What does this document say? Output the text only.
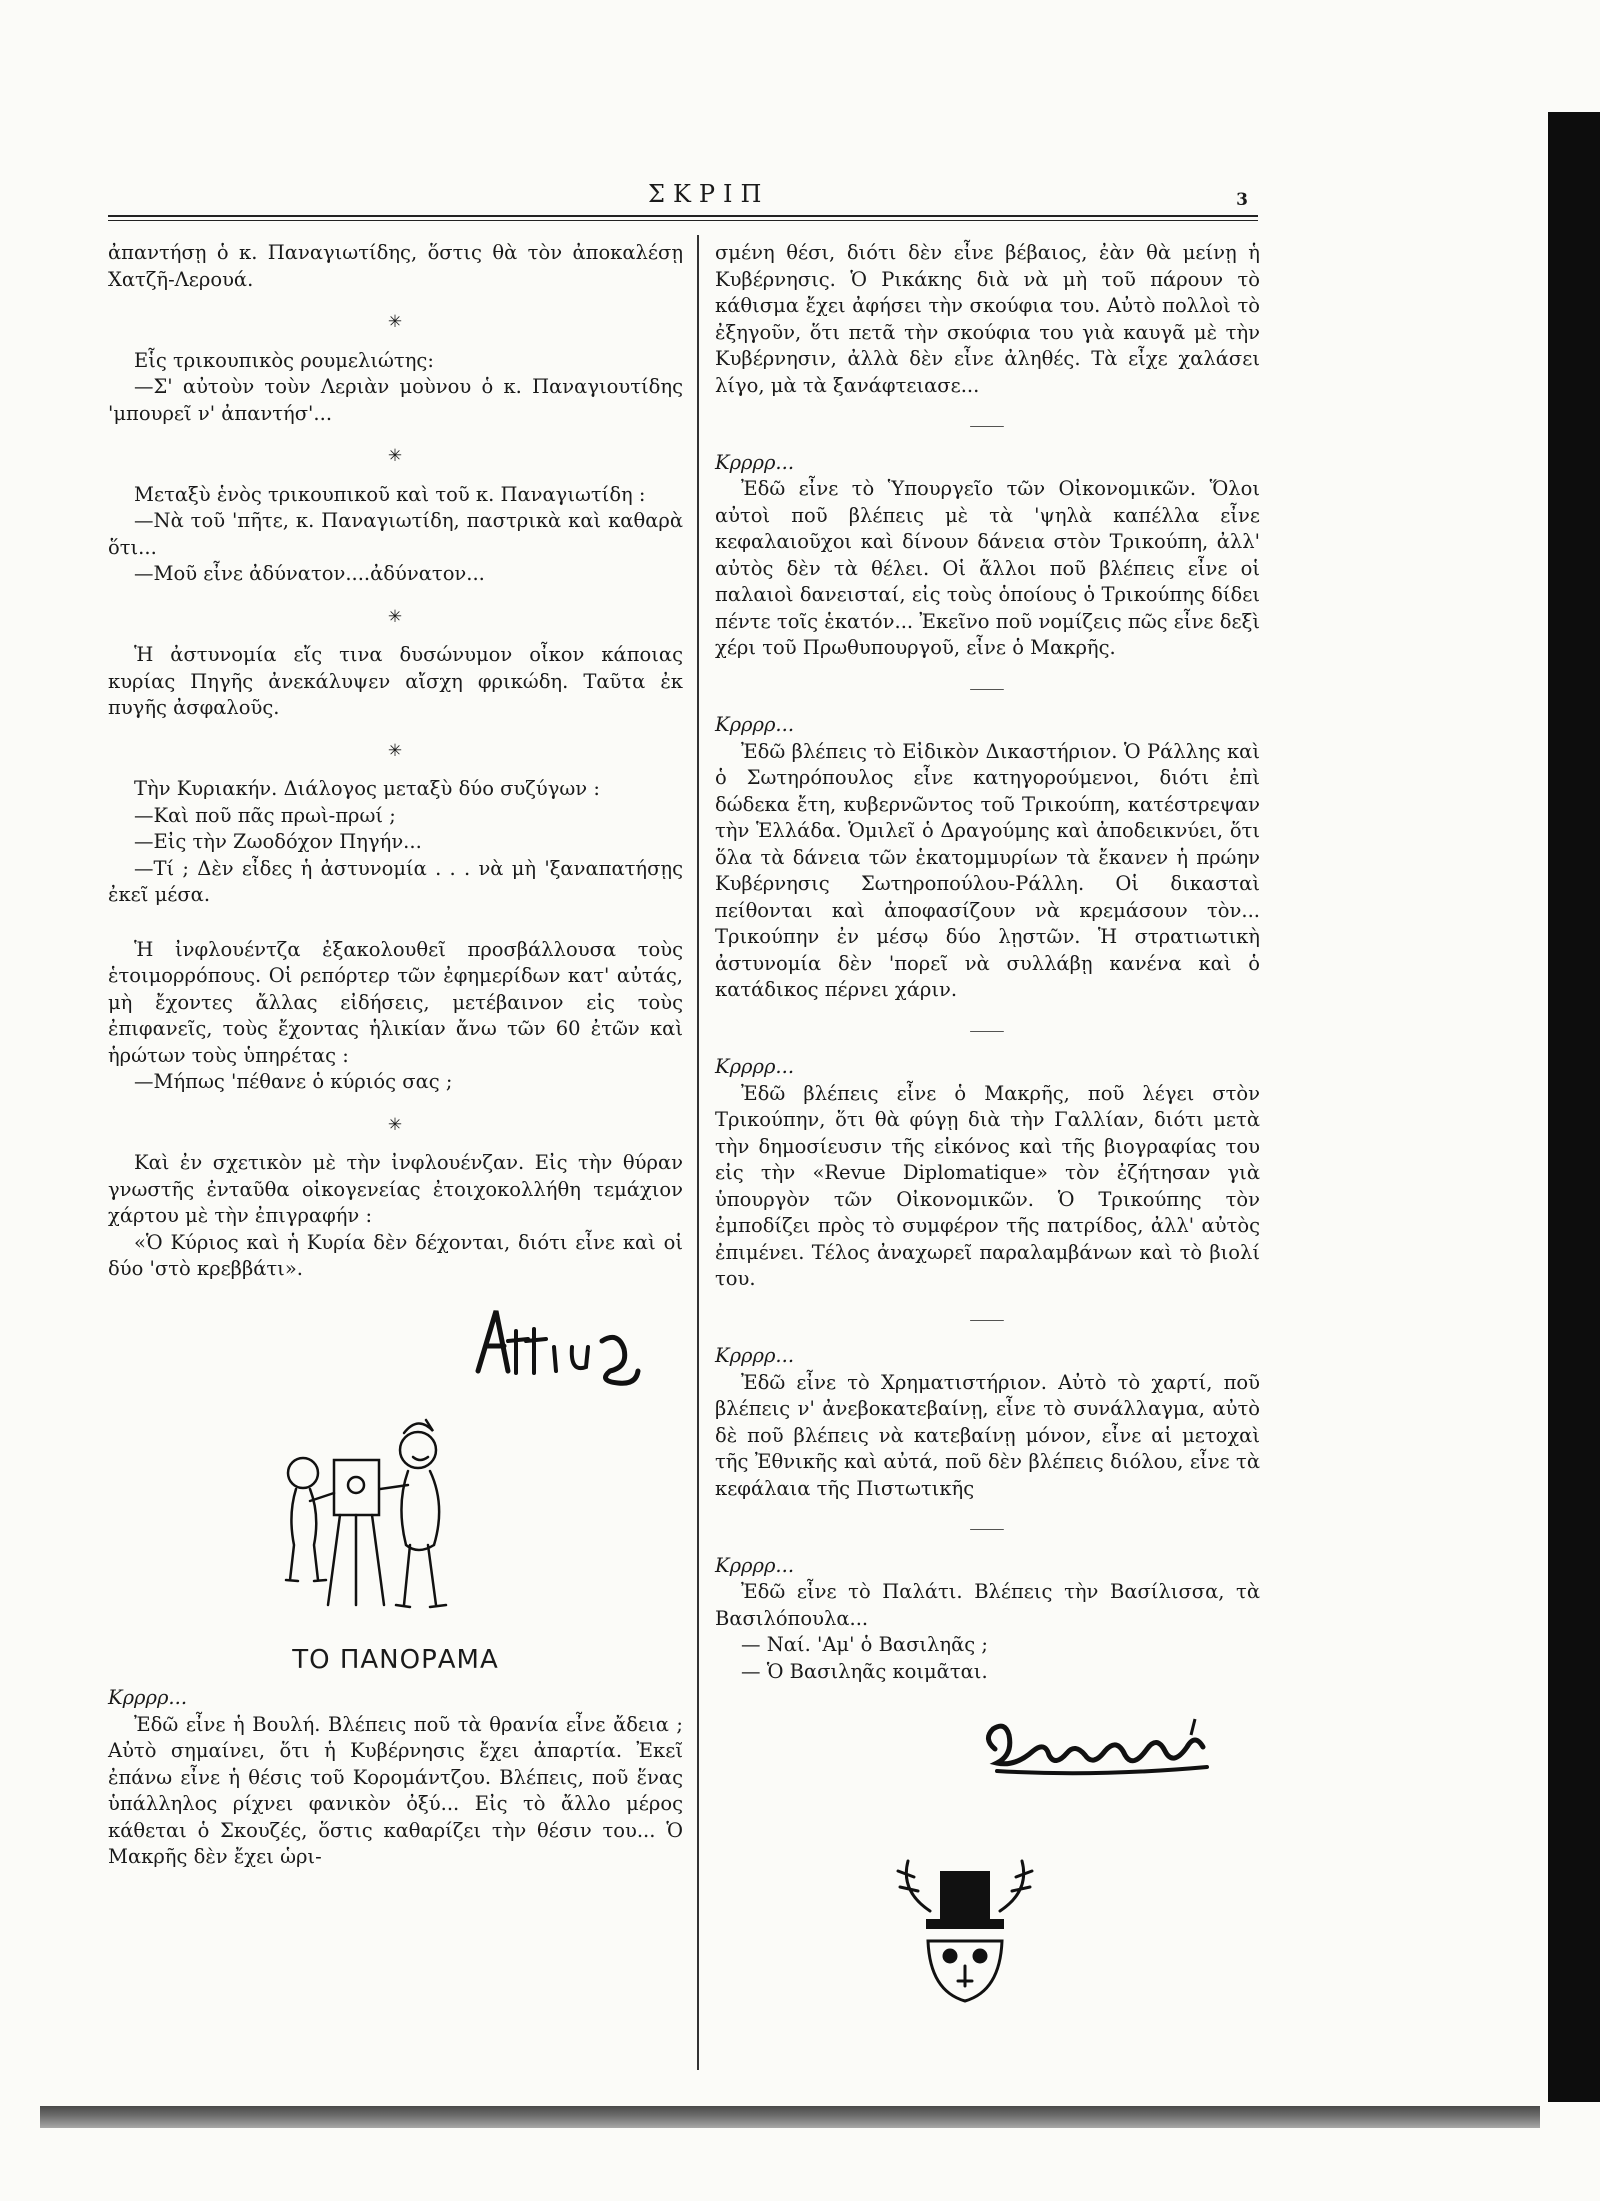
ΣΚΡΙΠ	3

ἀπαντήσῃ ὁ κ. Παναγιωτίδης, ὅστις θὰ τὸν ἀποκαλέσῃ Χατζῆ-Λερουά.

✳

Εἷς τρικουπικὸς ρουμελιώτης:

—Σ' αὐτοὺν τοὺν Λεριὰν μοὺνου ὁ κ. Παναγιουτίδης 'μπουρεῖ ν' ἀπαντήσ'...

✳

Μεταξὺ ἑνὸς τρικουπικοῦ καὶ τοῦ κ. Παναγιωτίδη :

—Νὰ τοῦ 'πῆτε, κ. Παναγιωτίδη, παστρικὰ καὶ καθαρὰ ὅτι...

—Μοῦ εἶνε ἀδύνατον....ἀδύνατον...

✳

Ἡ ἀστυνομία εἴς τινα δυσώνυμον οἶκον κάποιας κυρίας Πηγῆς ἀνεκάλυψεν αἴσχη φρικώδη. Ταῦτα ἐκ πυγῆς ἀσφαλοῦς.

✳

Τὴν Κυριακήν. Διάλογος μεταξὺ δύο συζύγων :

—Καὶ ποῦ πᾶς πρωὶ-πρωί ;

—Εἰς τὴν Ζωοδόχον Πηγήν...

—Τί ; Δὲν εἶδες ἡ ἀστυνομία . . . νὰ μὴ 'ξαναπατήσῃς ἐκεῖ μέσα.

Ἡ ἰνφλουέντζα ἐξακολουθεῖ προσβάλλουσα τοὺς ἑτοιμορρόπους. Οἱ ρεπόρτερ τῶν ἐφημερίδων κατ' αὐτάς, μὴ ἔχοντες ἄλλας εἰδήσεις, μετέβαινον εἰς τοὺς ἐπιφανεῖς, τοὺς ἔχοντας ἡλικίαν ἄνω τῶν 60 ἐτῶν καὶ ἡρώτων τοὺς ὑπηρέτας :

—Μήπως 'πέθανε ὁ κύριός σας ;

✳

Καὶ ἐν σχετικὸν μὲ τὴν ἰνφλουένζαν. Εἰς τὴν θύραν γνωστῆς ἐνταῦθα οἰκογενείας ἐτοιχοκολλήθη τεμάχιον χάρτου μὲ τὴν ἐπιγραφήν :

«Ὁ Κύριος καὶ ἡ Κυρία δὲν δέχονται, διότι εἶνε καὶ οἱ δύο 'στὸ κρεββάτι».

ΤΟ ΠΑΝΟΡΑΜΑ

Κρρρρ...

Ἐδῶ εἶνε ἡ Βουλή. Βλέπεις ποῦ τὰ θρανία εἶνε ἄδεια ; Αὐτὸ σημαίνει, ὅτι ἡ Κυβέρνησις ἔχει ἀπαρτία. Ἐκεῖ ἐπάνω εἶνε ἡ θέσις τοῦ Κορομάντζου. Βλέπεις, ποῦ ἕνας ὑπάλληλος ρίχνει φανικὸν ὀξύ... Εἰς τὸ ἄλλο μέρος κάθεται ὁ Σκουζές, ὅστις καθαρίζει τὴν θέσιν του... Ὁ Μακρῆς δὲν ἔχει ὡρι-

σμένη θέσι, διότι δὲν εἶνε βέβαιος, ἐὰν θὰ μείνῃ ἡ Κυβέρνησις. Ὁ Ρικάκης διὰ νὰ μὴ τοῦ πάρουν τὸ κάθισμα ἔχει ἀφήσει τὴν σκούφια του. Αὐτὸ πολλοὶ τὸ ἐξηγοῦν, ὅτι πετᾶ τὴν σκούφια του γιὰ καυγᾶ μὲ τὴν Κυβέρνησιν, ἀλλὰ δὲν εἶνε ἀληθές. Τὰ εἶχε χαλάσει λίγο, μὰ τὰ ξανάφτειασε...

⸻

Κρρρρ...

Ἐδῶ εἶνε τὸ Ὑπουργεῖο τῶν Οἰκονομικῶν. Ὅλοι αὐτοὶ ποῦ βλέπεις μὲ τὰ 'ψηλὰ καπέλλα εἶνε κεφαλαιοῦχοι καὶ δίνουν δάνεια στὸν Τρικούπη, ἀλλ' αὐτὸς δὲν τὰ θέλει. Οἱ ἄλλοι ποῦ βλέπεις εἶνε οἱ παλαιοὶ δανεισταί, εἰς τοὺς ὁποίους ὁ Τρικούπης δίδει πέντε τοῖς ἑκατόν... Ἐκεῖνο ποῦ νομίζεις πῶς εἶνε δεξὶ χέρι τοῦ Πρωθυπουργοῦ, εἶνε ὁ Μακρῆς.

⸻

Κρρρρ...

Ἐδῶ βλέπεις τὸ Εἰδικὸν Δικαστήριον. Ὁ Ράλλης καὶ ὁ Σωτηρόπουλος εἶνε κατηγορούμενοι, διότι ἐπὶ δώδεκα ἔτη, κυβερνῶντος τοῦ Τρικούπη, κατέστρεψαν τὴν Ἑλλάδα. Ὁμιλεῖ ὁ Δραγούμης καὶ ἀποδεικνύει, ὅτι ὅλα τὰ δάνεια τῶν ἑκατομμυρίων τὰ ἔκανεν ἡ πρώην Κυβέρνησις Σωτηροπούλου-Ράλλη. Οἱ δικασταὶ πείθονται καὶ ἀποφασίζουν νὰ κρεμάσουν τὸν... Τρικούπην ἐν μέσῳ δύο λῃστῶν. Ἡ στρατιωτικὴ ἀστυνομία δὲν 'πορεῖ νὰ συλλάβῃ κανένα καὶ ὁ κατάδικος πέρνει χάριν.

⸻

Κρρρρ...

Ἐδῶ βλέπεις εἶνε ὁ Μακρῆς, ποῦ λέγει στὸν Τρικούπην, ὅτι θὰ φύγῃ διὰ τὴν Γαλλίαν, διότι μετὰ τὴν δημοσίευσιν τῆς εἰκόνος καὶ τῆς βιογραφίας του εἰς τὴν «Revue Diplomatique» τὸν ἐζήτησαν γιὰ ὑπουργὸν τῶν Οἰκονομικῶν. Ὁ Τρικούπης τὸν ἐμποδίζει πρὸς τὸ συμφέρον τῆς πατρίδος, ἀλλ' αὐτὸς ἐπιμένει. Τέλος ἀναχωρεῖ παραλαμβάνων καὶ τὸ βιολί του.

⸻

Κρρρρ...

Ἐδῶ εἶνε τὸ Χρηματιστήριον. Αὐτὸ τὸ χαρτί, ποῦ βλέπεις ν' ἀνεβοκατεβαίνῃ, εἶνε τὸ συνάλλαγμα, αὐτὸ δὲ ποῦ βλέπεις νὰ κατεβαίνῃ μόνον, εἶνε αἱ μετοχαὶ τῆς Ἐθνικῆς καὶ αὐτά, ποῦ δὲν βλέπεις διόλου, εἶνε τὰ κεφάλαια τῆς Πιστωτικῆς

⸻

Κρρρρ...

Ἐδῶ εἶνε τὸ Παλάτι. Βλέπεις τὴν Βασίλισσα, τὰ Βασιλόπουλα...

— Ναί. 'Αμ' ὁ Βασιληᾶς ;

— Ὁ Βασιληᾶς κοιμᾶται.
